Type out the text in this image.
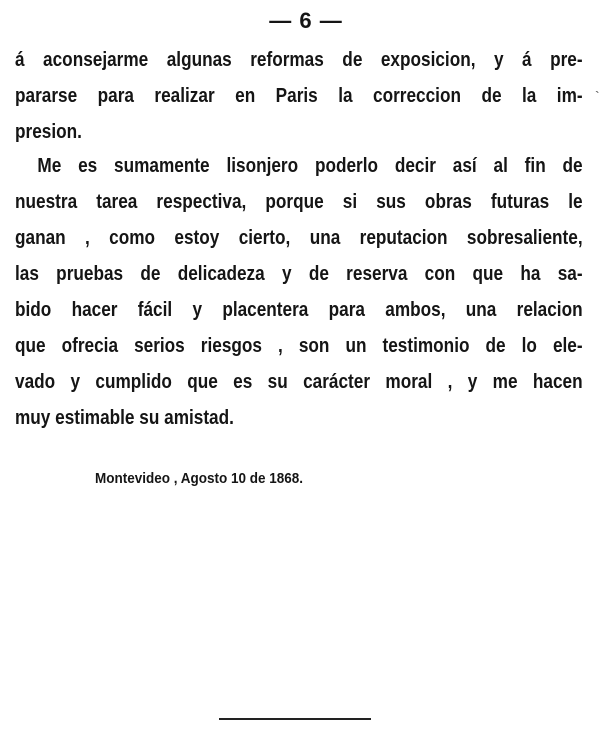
— 6 —
`
á aconsejarme algunas reformas de exposicion, y á pre-
pararse para realizar en Paris la correccion de la im-
presion.
Me es sumamente lisonjero poderlo decir así al fin de
nuestra tarea respectiva, porque si sus obras futuras le
ganan , como estoy cierto, una reputacion sobresaliente,
las pruebas de delicadeza y de reserva con que ha sa-
bido hacer fácil y placentera para ambos, una relacion
que ofrecia serios riesgos , son un testimonio de lo ele-
vado y cumplido que es su carácter moral , y me hacen
muy estimable su amistad.
Montevideo , Agosto 10 de 1868.
